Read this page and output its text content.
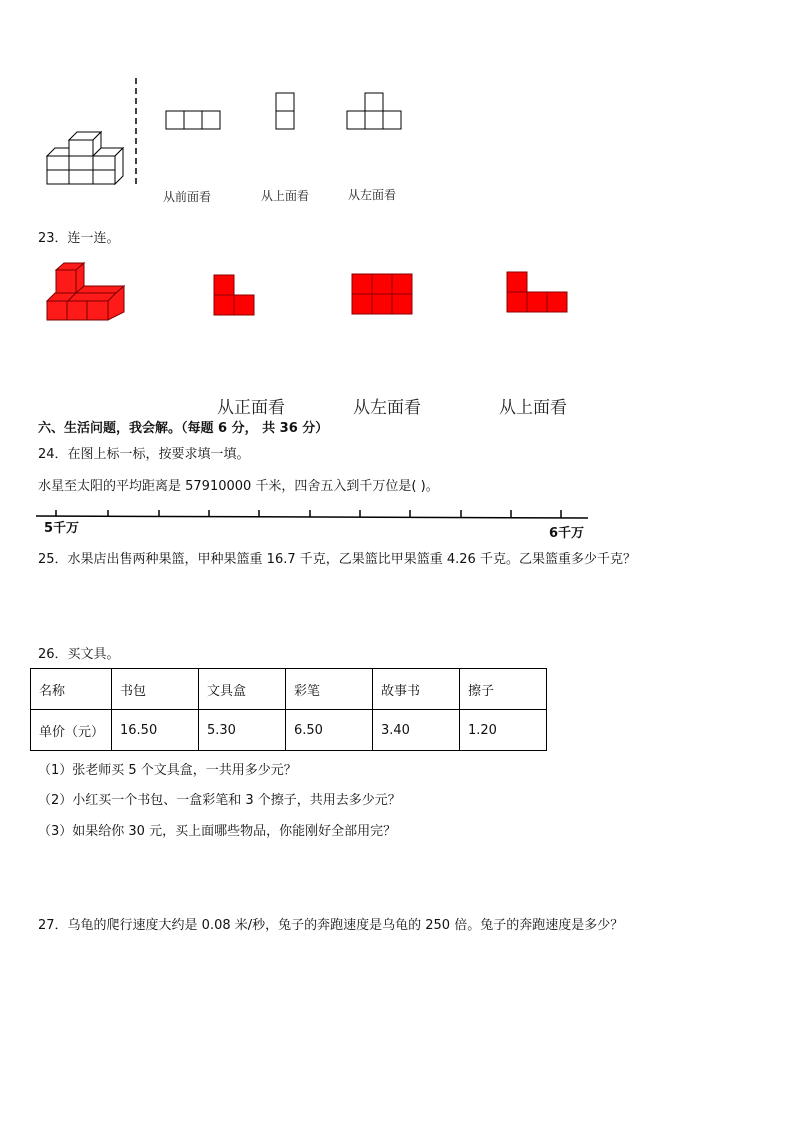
从前面看	从上面看	从左面看
23．连一连。
从正面看	从左面看	从上面看
六、生活问题，我会解。（每题 6 分， 共 36 分）
24．在图上标一标，按要求填一填。
水星至太阳的平均距离是 57910000 千米，四舍五入到千万位是( )。
5千万	6千万
25．水果店出售两种果篮，甲种果篮重 16.7 千克，乙果篮比甲果篮重 4.26 千克。乙果篮重多少千克？
26．买文具。
名称	书包	文具盒	彩笔	故事书	擦子
单价（元）	16.50	5.30	6.50	3.40	1.20
（1）张老师买 5 个文具盒，一共用多少元？
（2）小红买一个书包、一盒彩笔和 3 个擦子，共用去多少元？
（3）如果给你 30 元，买上面哪些物品，你能刚好全部用完？
27．乌龟的爬行速度大约是 0.08 米/秒，兔子的奔跑速度是乌龟的 250 倍。兔子的奔跑速度是多少？
